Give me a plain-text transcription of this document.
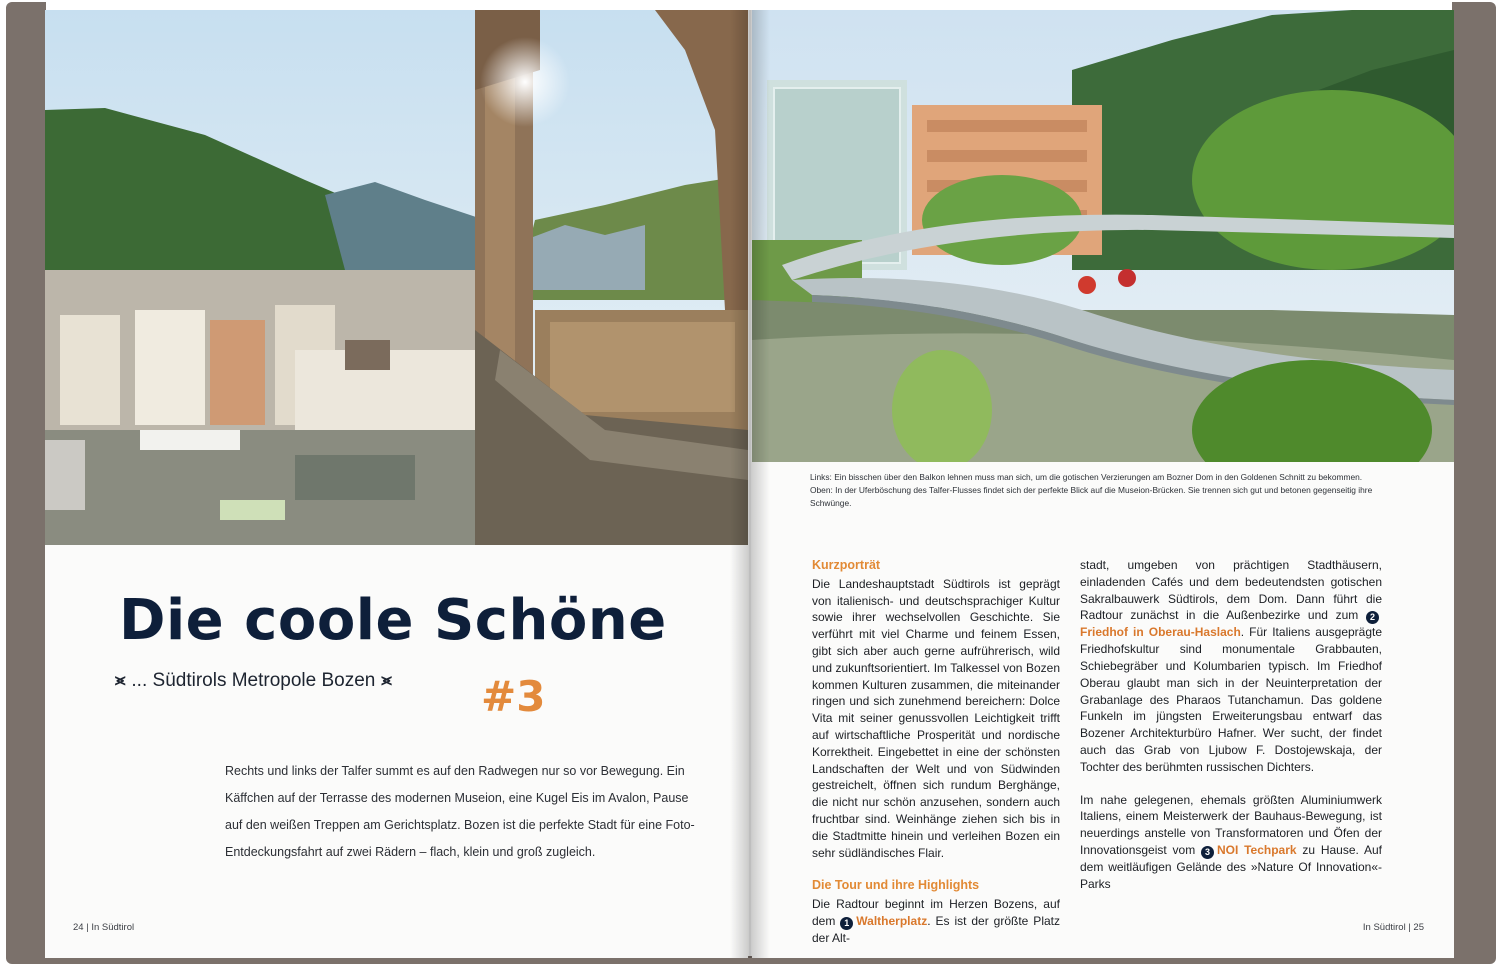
Die coole Schöne
⪤ ... Südtirols Metropole Bozen ⪤ #3

Rechts und links der Talfer summt es auf den Radwegen nur so vor Bewegung. Ein Käffchen auf der Terrasse des modernen Museion, eine Kugel Eis im Avalon, Pause auf den weißen Treppen am Gerichtsplatz. Bozen ist die perfekte Stadt für eine Foto-Entdeckungsfahrt auf zwei Rädern – flach, klein und groß zugleich.

24 | In Südtirol

Links: Ein bisschen über den Balkon lehnen muss man sich, um die gotischen Verzierungen am Bozner Dom in den Goldenen Schnitt zu bekommen. Oben: In der Uferböschung des Talfer-Flusses findet sich der perfekte Blick auf die Museion-Brücken. Sie trennen sich gut und betonen gegenseitig ihre Schwünge.

Kurzporträt

Die Landeshauptstadt Südtirols ist geprägt von italienisch- und deutschsprachiger Kultur sowie ihrer wechselvollen Geschichte. Sie verführt mit viel Charme und feinem Essen, gibt sich aber auch gerne aufrührerisch, wild und zukunftsorientiert. Im Talkessel von Bozen kommen Kulturen zusammen, die miteinander ringen und sich zunehmend bereichern: Dolce Vita mit seiner genussvollen Leichtigkeit trifft auf wirtschaftliche Prosperität und nordische Korrektheit. Eingebettet in eine der schönsten Landschaften der Welt und von Südwinden gestreichelt, öffnen sich rundum Berghänge, die nicht nur schön anzusehen, sondern auch fruchtbar sind. Weinhänge ziehen sich bis in die Stadtmitte hinein und verleihen Bozen ein sehr südländisches Flair.

Die Tour und ihre Highlights

Die Radtour beginnt im Herzen Bozens, auf dem 1 Waltherplatz. Es ist der größte Platz der Alt-

stadt, umgeben von prächtigen Stadthäusern, einladenden Cafés und dem bedeutendsten gotischen Sakralbauwerk Südtirols, dem Dom. Dann führt die Radtour zunächst in die Außenbezirke und zum 2Friedhof in Oberau-Haslach. Für Italiens ausgeprägte Friedhofskultur sind monumentale Grabbauten, Schiebegräber und Kolumbarien typisch. Im Friedhof Oberau glaubt man sich in der Neuinterpretation der Grabanlage des Pharaos Tutanchamun. Das goldene Funkeln im jüngsten Erweiterungsbau entwarf das Bozener Architekturbüro Hafner. Wer sucht, der findet auch das Grab von Ljubow F. Dostojewskaja, der Tochter des berühmten russischen Dichters.

Im nahe gelegenen, ehemals größten Aluminiumwerk Italiens, einem Meisterwerk der Bauhaus-Bewegung, ist neuerdings anstelle von Transformatoren und Öfen der Innovationsgeist vom 3 NOI Techpark zu Hause. Auf dem weitläufigen Gelände des »Nature Of Innovation«-Parks

In Südtirol | 25
